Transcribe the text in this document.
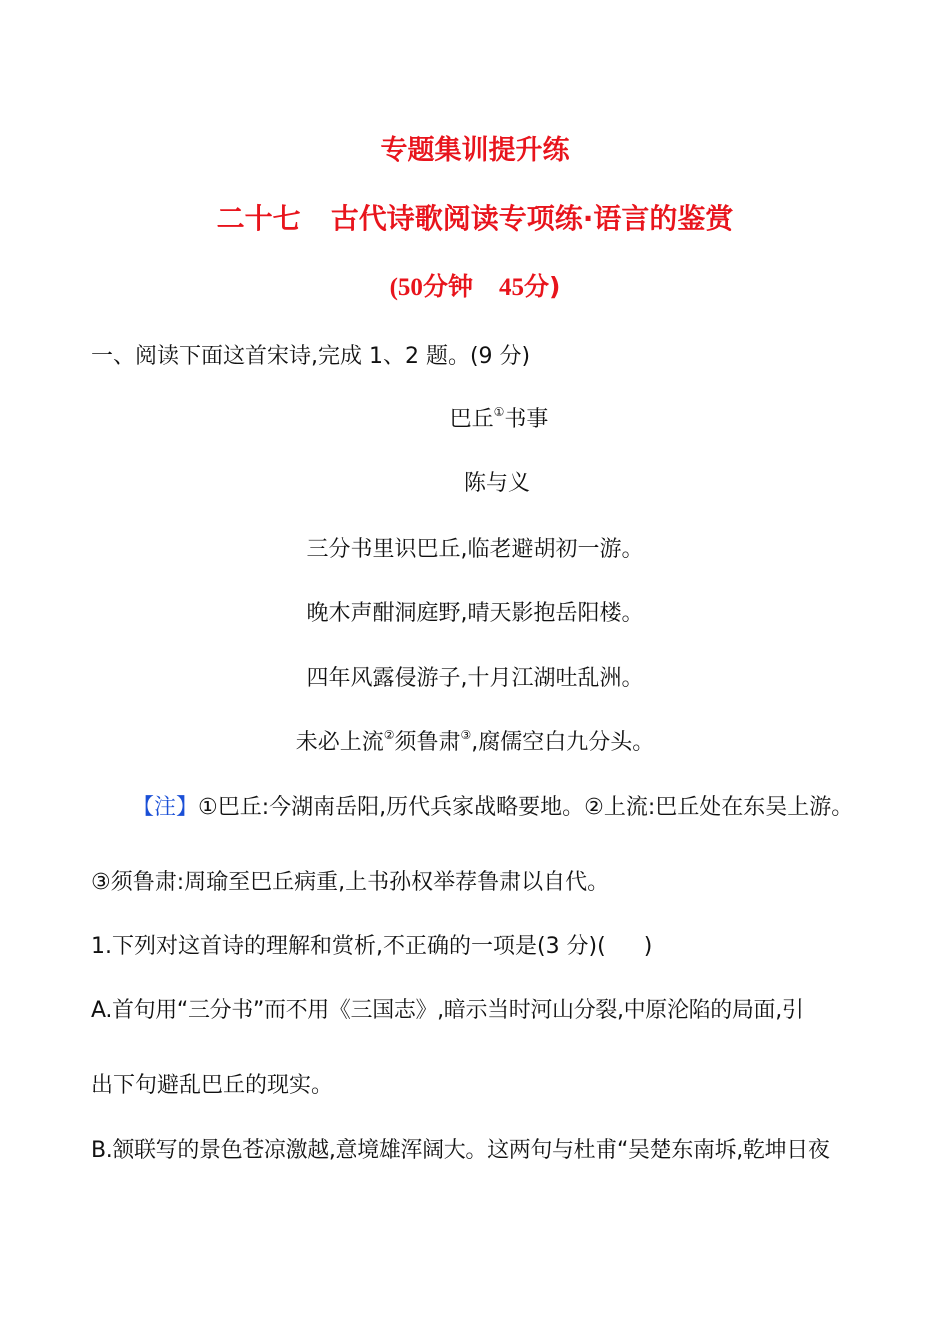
专题集训提升练
二十七 古代诗歌阅读专项练·语言的鉴赏
(50分钟 45分)
一、阅读下面这首宋诗,完成 1、2 题。(9 分)
巴丘①书事
陈与义
三分书里识巴丘,临老避胡初一游。
晚木声酣洞庭野,晴天影抱岳阳楼。
四年风露侵游子,十月江湖吐乱洲。
未必上流②须鲁肃③,腐儒空白九分头。
【注】①巴丘:今湖南岳阳,历代兵家战略要地。②上流:巴丘处在东吴上游。
③须鲁肃:周瑜至巴丘病重,上书孙权举荐鲁肃以自代。
1.下列对这首诗的理解和赏析,不正确的一项是(3 分)( )
A.首句用“三分书”而不用《三国志》,暗示当时河山分裂,中原沦陷的局面,引
出下句避乱巴丘的现实。
B.颔联写的景色苍凉激越,意境雄浑阔大。这两句与杜甫“吴楚东南坼,乾坤日夜
